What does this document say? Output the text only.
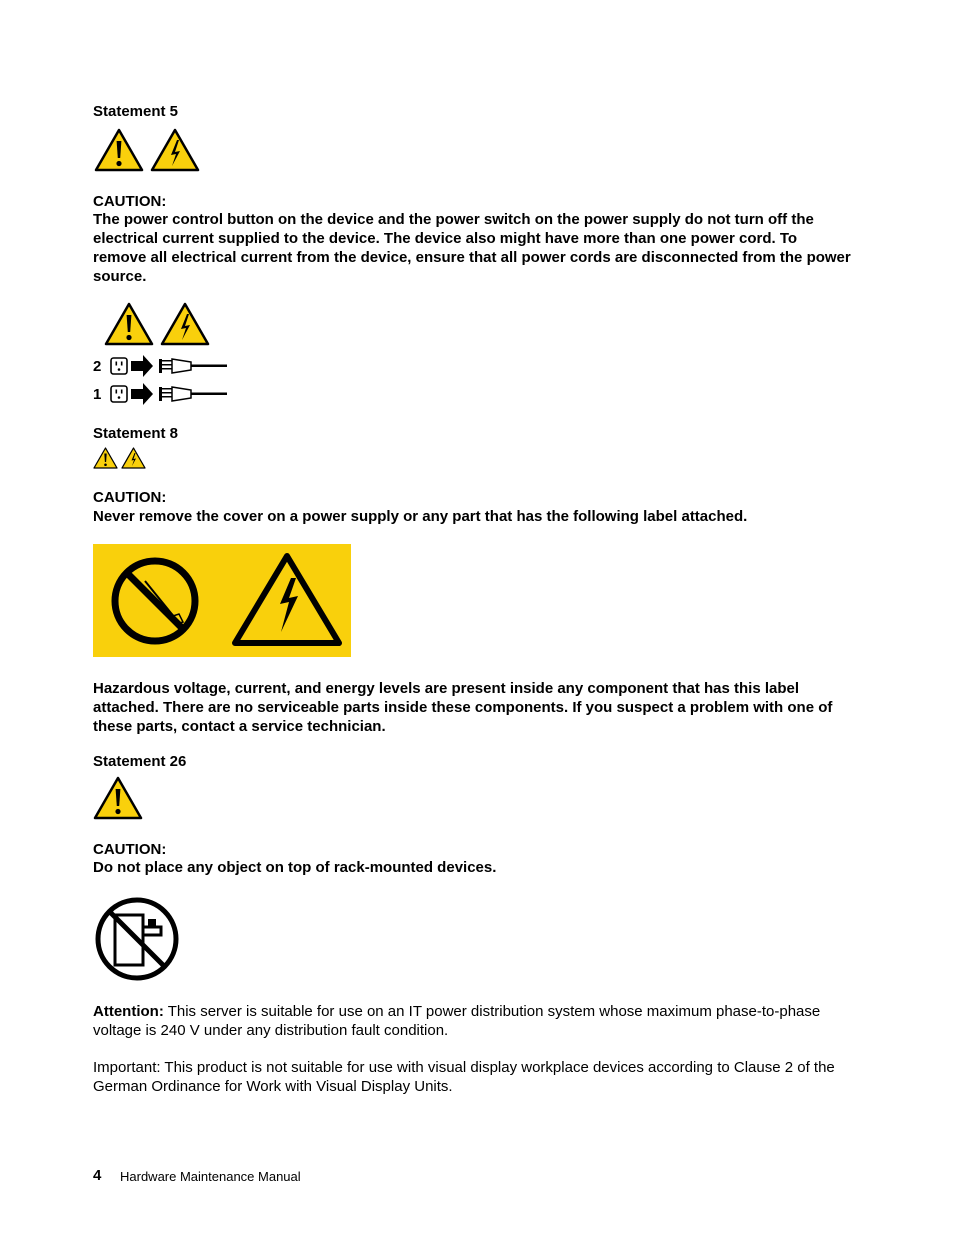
Statement 5
CAUTION:
The power control button on the device and the power switch on the power supply do not turn off the electrical current supplied to the device. The device also might have more than one power cord. To remove all electrical current from the device, ensure that all power cords are disconnected from the power source.
2
1
Statement 8
CAUTION:
Never remove the cover on a power supply or any part that has the following label attached.
Hazardous voltage, current, and energy levels are present inside any component that has this label attached. There are no serviceable parts inside these components. If you suspect a problem with one of these parts, contact a service technician.
Statement 26
CAUTION:
Do not place any object on top of rack-mounted devices.
Attention: This server is suitable for use on an IT power distribution system whose maximum phase-to-phase voltage is 240 V under any distribution fault condition.
Important: This product is not suitable for use with visual display workplace devices according to Clause 2 of the German Ordinance for Work with Visual Display Units.
4 Hardware Maintenance Manual
